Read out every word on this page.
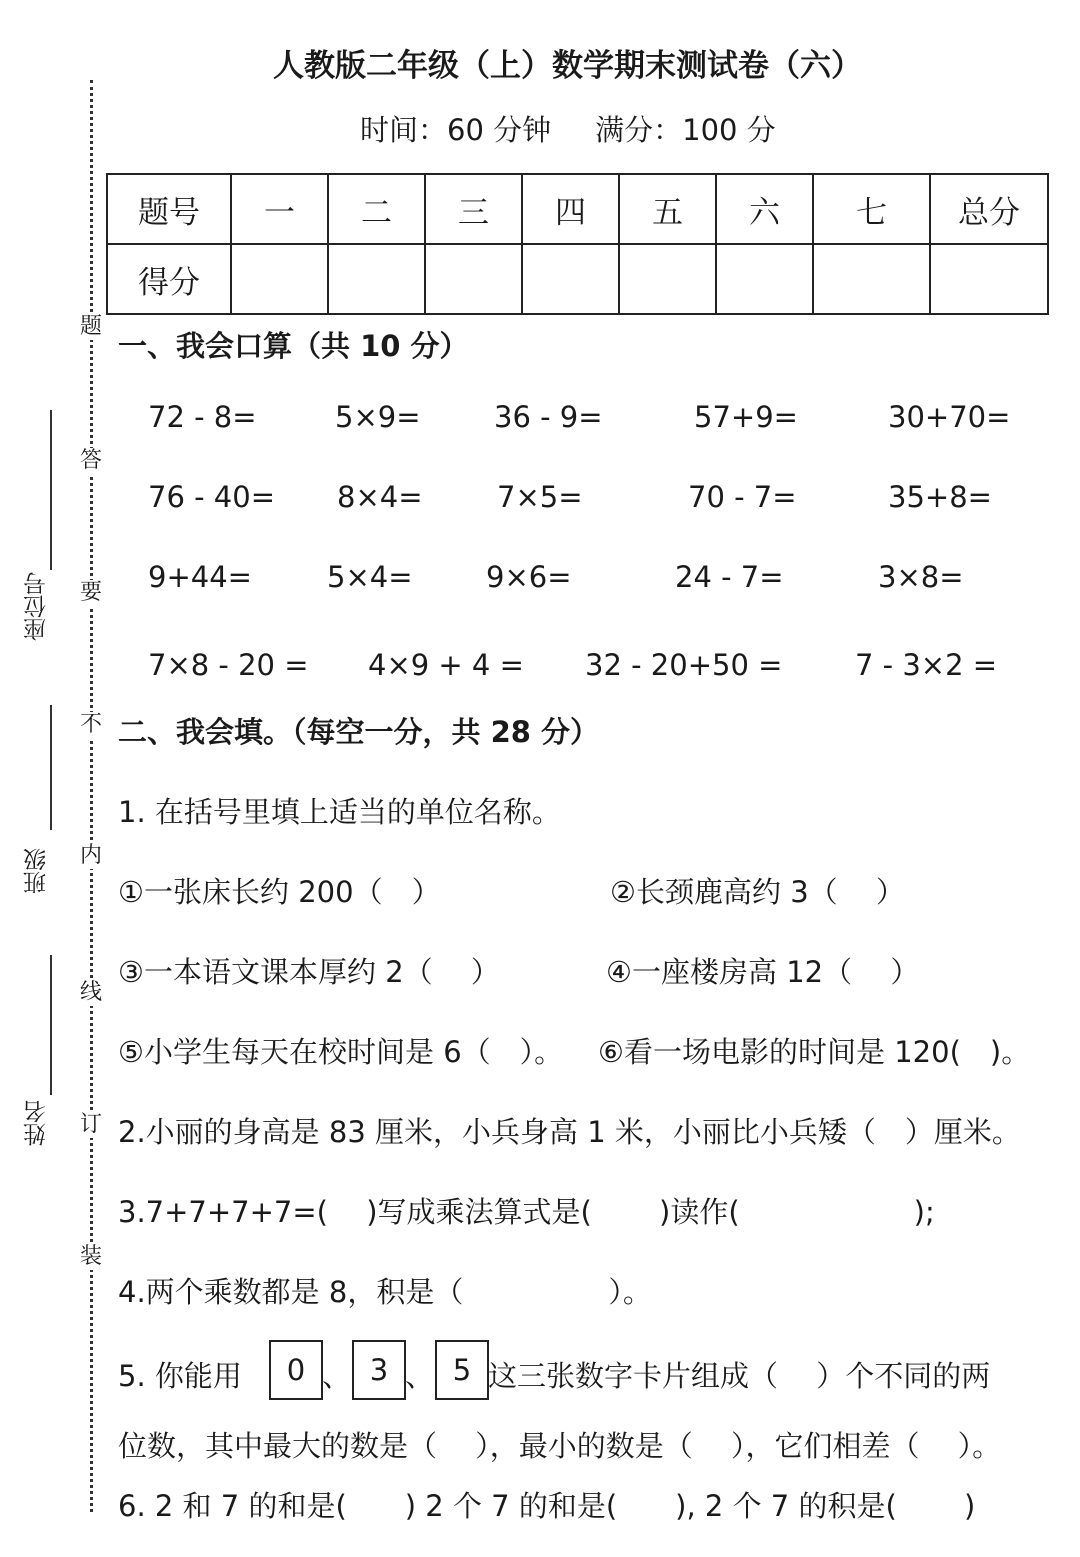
人教版二年级（上）数学期末测试卷（六）
时间：60 分钟 满分：100 分
题号	一	二	三	四	五	六	七	总分
得分								
题
答
要
不
内
线
订
装
座位号
班级
姓名
一、我会口算（共 10 分）
72 - 8=	5×9=	36 - 9=	57+9=	30+70=
76 - 40= 8×4=	7×5=	70 - 7=	35+8=
9+44=	5×4=	9×6=	24 - 7=	3×8=
7×8 - 20 = 4×9 + 4 = 32 - 20+50 =	7 - 3×2 =
二、我会填。（每空一分，共 28 分）
1. 在括号里填上适当的单位名称。
①一张床长约 200（　）	②长颈鹿高约 3（　 ）
③一本语文课本厚约 2（　 ）	④一座楼房高 12（　 ）
⑤小学生每天在校时间是 6（　）。 ⑥看一场电影的时间是 120(　)。
2.小丽的身高是 83 厘米，小兵身高 1 米，小丽比小兵矮（　）厘米。
3.7+7+7+7=(　 )写成乘法算式是(　　 )读作(　　　　　　);
4.两个乘数都是 8，积是（　　　　　）。
5. 你能用	0 、 3 、 5 这三张数字卡片组成（　 ）个不同的两
位数，其中最大的数是（　 ），最小的数是（　 ），它们相差（　 ）。
6. 2 和 7 的和是(　　) 2 个 7 的和是(　　), 2 个 7 的积是(　　 )
